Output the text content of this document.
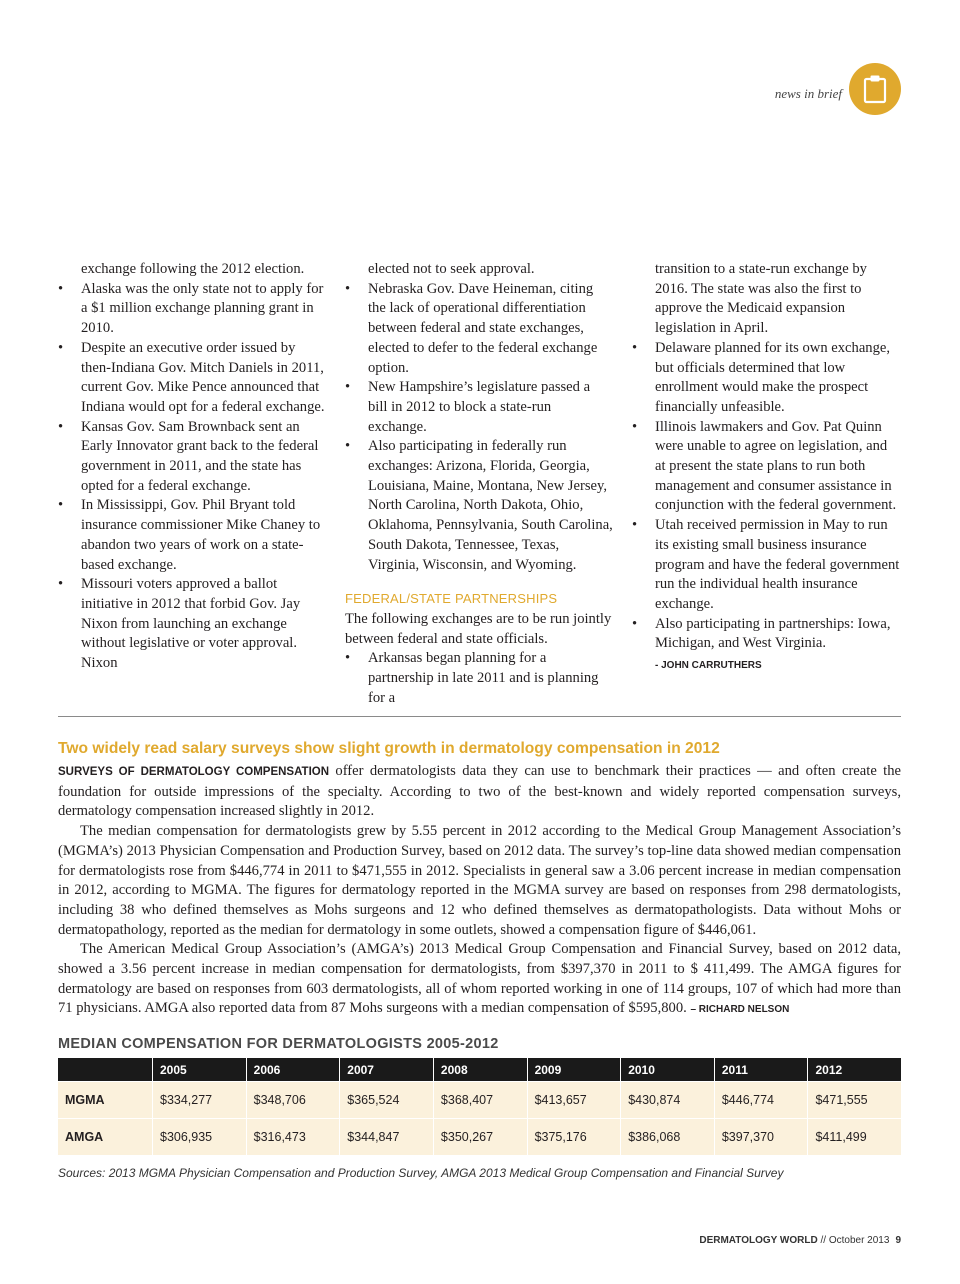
news in brief

exchange following the 2012 election.

• Alaska was the only state not to apply for a $1 million exchange planning grant in 2010.
• Despite an executive order issued by then-Indiana Gov. Mitch Daniels in 2011, current Gov. Mike Pence announced that Indiana would opt for a federal exchange.
• Kansas Gov. Sam Brownback sent an Early Innovator grant back to the federal government in 2011, and the state has opted for a federal exchange.
• In Mississippi, Gov. Phil Bryant told insurance commissioner Mike Chaney to abandon two years of work on a state-based exchange.
• Missouri voters approved a ballot initiative in 2012 that forbid Gov. Jay Nixon from launching an exchange without legislative or voter approval. Nixon

elected not to seek approval.

• Nebraska Gov. Dave Heineman, citing the lack of operational differentiation between federal and state exchanges, elected to defer to the federal exchange option.
• New Hampshire’s legislature passed a bill in 2012 to block a state-run exchange.
• Also participating in federally run exchanges: Arizona, Florida, Georgia, Louisiana, Maine, Montana, New Jersey, North Carolina, North Dakota, Ohio, Oklahoma, Pennsylvania, South Carolina, South Dakota, Tennessee, Texas, Virginia, Wisconsin, and Wyoming.
FEDERAL/STATE PARTNERSHIPS

The following exchanges are to be run jointly between federal and state officials.

• Arkansas began planning for a partnership in late 2011 and is planning for a

transition to a state-run exchange by 2016. The state was also the first to approve the Medicaid expansion legislation in April.

• Delaware planned for its own exchange, but officials determined that low enrollment would make the prospect financially unfeasible.
• Illinois lawmakers and Gov. Pat Quinn were unable to agree on legislation, and at present the state plans to run both management and consumer assistance in conjunction with the federal government.
• Utah received permission in May to run its existing small business insurance program and have the federal government run the individual health insurance exchange.
• Also participating in partnerships: Iowa, Michigan, and West Virginia.
- JOHN CARRUTHERS
Two widely read salary surveys show slight growth in dermatology compensation in 2012

SURVEYS OF DERMATOLOGY COMPENSATION offer dermatologists data they can use to benchmark their practices — and often create the foundation for outside impressions of the specialty. According to two of the best-known and widely reported compensation surveys, dermatology compensation increased slightly in 2012.

The median compensation for dermatologists grew by 5.55 percent in 2012 according to the Medical Group Management Association’s (MGMA’s) 2013 Physician Compensation and Production Survey, based on 2012 data. The survey’s top-line data showed median compensation for dermatologists rose from $446,774 in 2011 to $471,555 in 2012. Specialists in general saw a 3.06 percent increase in median compensation in 2012, according to MGMA. The figures for dermatology reported in the MGMA survey are based on responses from 298 dermatologists, including 38 who defined themselves as Mohs surgeons and 12 who defined themselves as dermatopathologists. Data without Mohs or dermatopathology, reported as the median for dermatology in some outlets, showed a compensation figure of $446,061.

The American Medical Group Association’s (AMGA’s) 2013 Medical Group Compensation and Financial Survey, based on 2012 data, showed a 3.56 percent increase in median compensation for dermatologists, from $397,370 in 2011 to $ 411,499. The AMGA figures for dermatology are based on responses from 603 dermatologists, all of whom reported working in one of 114 groups, 107 of which had more than 71 physicians. AMGA also reported data from 87 Mohs surgeons with a median compensation of $595,800. – RICHARD NELSON

MEDIAN COMPENSATION FOR DERMATOLOGISTS 2005-2012
	2005	2006	2007	2008	2009	2010	2011	2012
MGMA	$334,277	$348,706	$365,524	$368,407	$413,657	$430,874	$446,774	$471,555
AMGA	$306,935	$316,473	$344,847	$350,267	$375,176	$386,068	$397,370	$411,499
Sources: 2013 MGMA Physician Compensation and Production Survey, AMGA 2013 Medical Group Compensation and Financial Survey
DERMATOLOGY WORLD // October 2013 9
